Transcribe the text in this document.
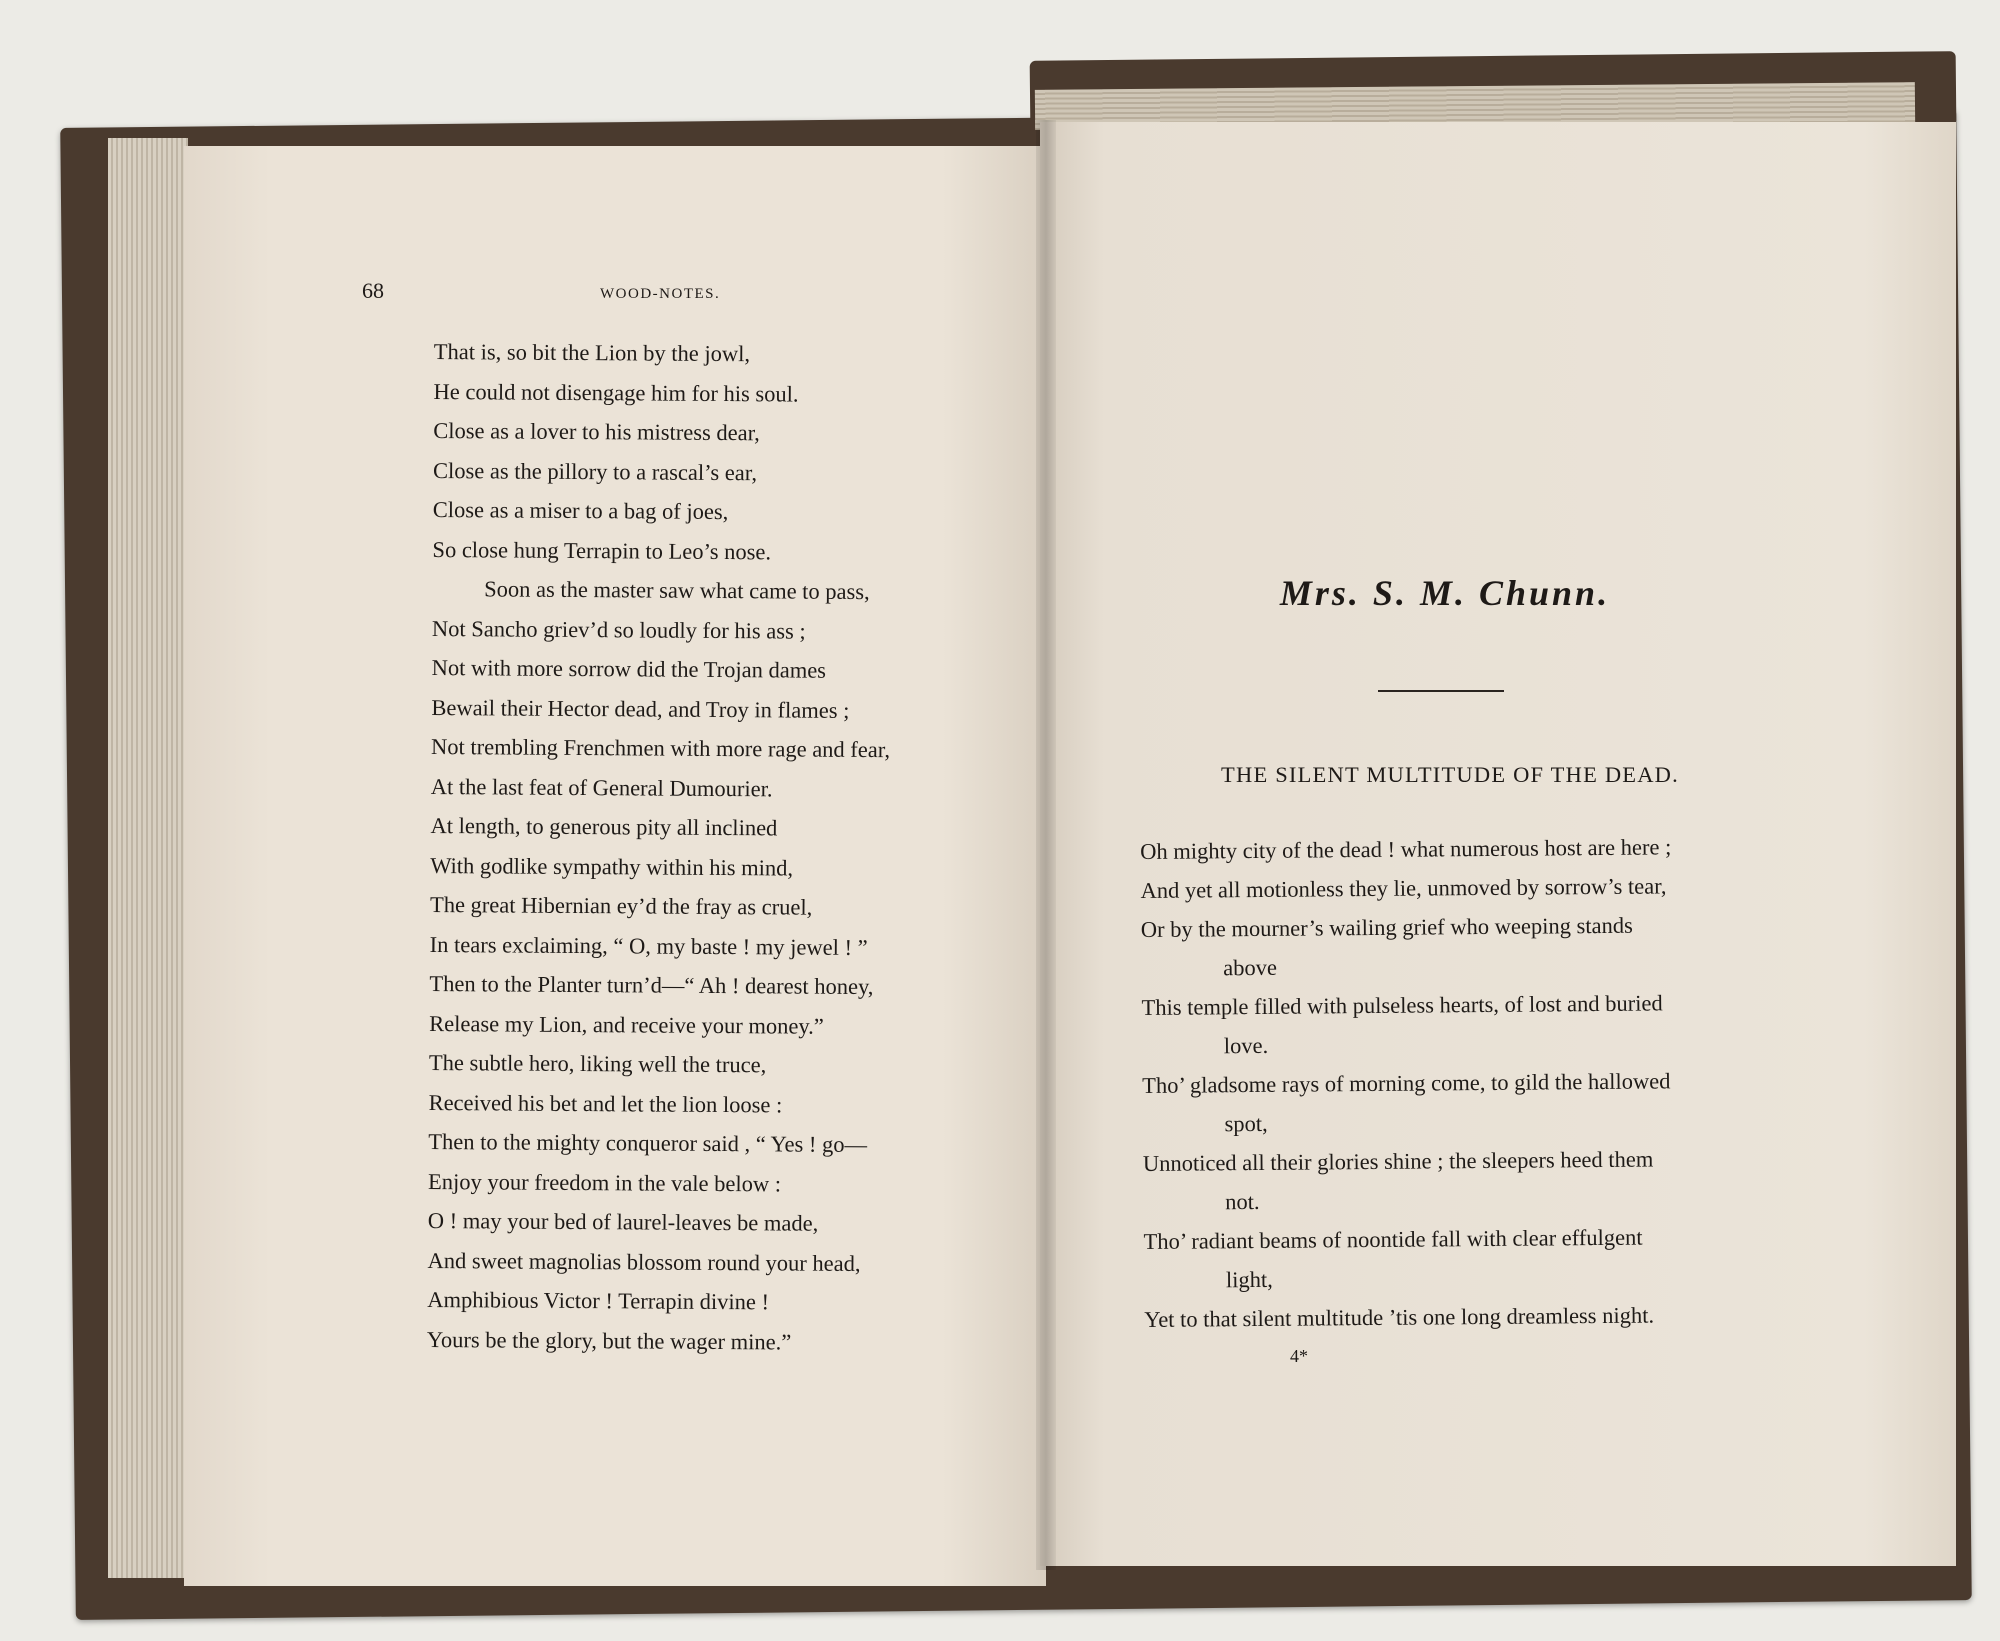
68	WOOD-NOTES.
That is, so bit the Lion by the jowl,
He could not disengage him for his soul.
Close as a lover to his mistress dear,
Close as the pillory to a rascal’s ear,
Close as a miser to a bag of joes,
So close hung Terrapin to Leo’s nose.
Soon as the master saw what came to pass,
Not Sancho griev’d so loudly for his ass ;
Not with more sorrow did the Trojan dames
Bewail their Hector dead, and Troy in flames ;
Not trembling Frenchmen with more rage and fear,
At the last feat of General Dumourier.
At length, to generous pity all inclined
With godlike sympathy within his mind,
The great Hibernian ey’d the fray as cruel,
In tears exclaiming, “ O, my baste ! my jewel ! ”
Then to the Planter turn’d—“ Ah ! dearest honey,
Release my Lion, and receive your money.”
The subtle hero, liking well the truce,
Received his bet and let the lion loose :
Then to the mighty conqueror said , “ Yes ! go—
Enjoy your freedom in the vale below :
O ! may your bed of laurel-leaves be made,
And sweet magnolias blossom round your head,
Amphibious Victor ! Terrapin divine !
Yours be the glory, but the wager mine.”
Mrs. S. M. Chunn.
THE SILENT MULTITUDE OF THE DEAD.
Oh mighty city of the dead ! what numerous host are here ;
And yet all motionless they lie, unmoved by sorrow’s tear,
Or by the mourner’s wailing grief who weeping stands
above
This temple filled with pulseless hearts, of lost and buried
love.
Tho’ gladsome rays of morning come, to gild the hallowed
spot,
Unnoticed all their glories shine ; the sleepers heed them
not.
Tho’ radiant beams of noontide fall with clear effulgent
light,
Yet to that silent multitude ’tis one long dreamless night.
4*
